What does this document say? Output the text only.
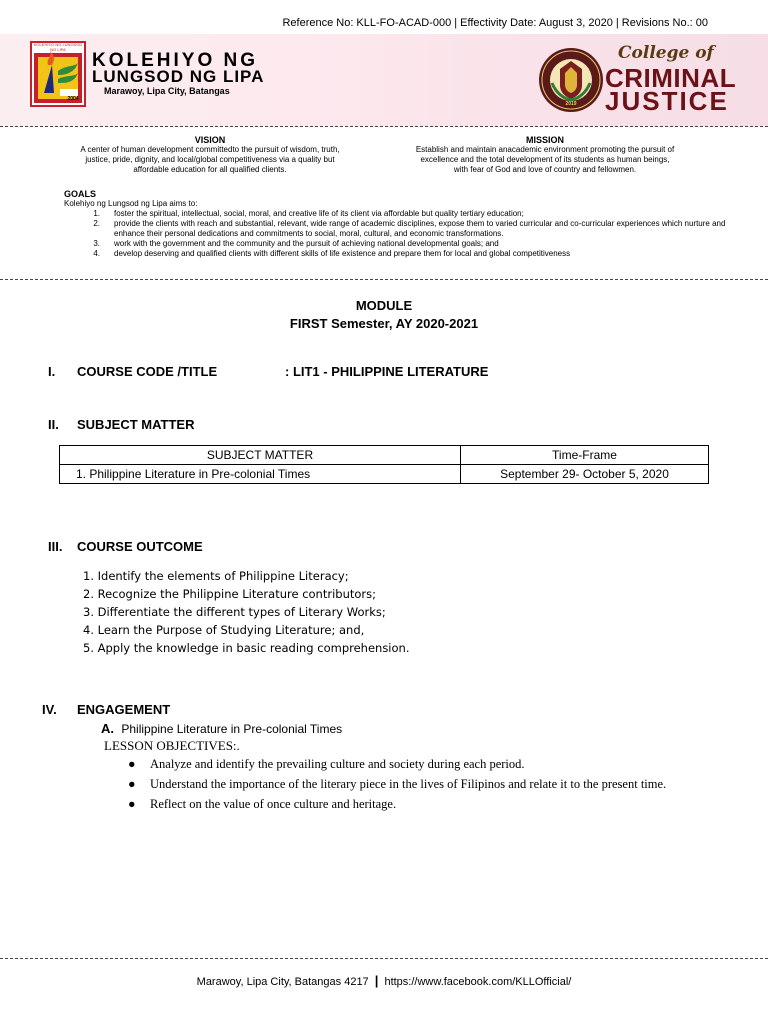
Reference No: KLL-FO-ACAD-000 | Effectivity Date: August 3, 2020 | Revisions No.: 00
KOLEHIYO NG LUNGSOD NG LIPA
2004
KOLEHIYO NG
LUNGSOD NG LIPA
Marawoy, Lipa City, Batangas
2019
College of
CRIMINAL
JUSTICE
VISION
A center of human development committedto the pursuit of wisdom, truth,
justice, pride, dignity, and local/global competitiveness via a quality but
affordable education for all qualified clients.
MISSION
Establish and maintain anacademic environment promoting the pursuit of
excellence and the total development of its students as human beings,
with fear of God and love of country and fellowmen.
GOALS
Kolehiyo ng Lungsod ng Lipa aims to:
1.	foster the spiritual, intellectual, social, moral, and creative life of its client via affordable but quality tertiary education;
2.	provide the clients with reach and substantial, relevant, wide range of academic disciplines, expose them to varied curricular and co-curricular experiences which nurture and enhance their personal dedications and commitments to social, moral, cultural, and economic transformations.
3.	work with the government and the community and the pursuit of achieving national developmental goals; and
4.	develop deserving and qualified clients with different skills of life existence and prepare them for local and global competitiveness
MODULE
FIRST Semester, AY 2020-2021
I. COURSE CODE /TITLE	: LIT1 - PHILIPPINE LITERATURE
II. SUBJECT MATTER
SUBJECT MATTER	Time-Frame
1. Philippine Literature in Pre-colonial Times	September 29- October 5, 2020
III. COURSE OUTCOME
1. Identify the elements of Philippine Literacy;
2. Recognize the Philippine Literature contributors;
3. Differentiate the different types of Literary Works;
4. Learn the Purpose of Studying Literature; and,
5. Apply the knowledge in basic reading comprehension.
IV. ENGAGEMENT
A. Philippine Literature in Pre-colonial Times
LESSON OBJECTIVES:.
●	Analyze and identify the prevailing culture and society during each period.
●	Understand the importance of the literary piece in the lives of Filipinos and relate it to the present time.
●	Reflect on the value of once culture and heritage.
Marawoy, Lipa City, Batangas 4217 | https://www.facebook.com/KLLOfficial/
